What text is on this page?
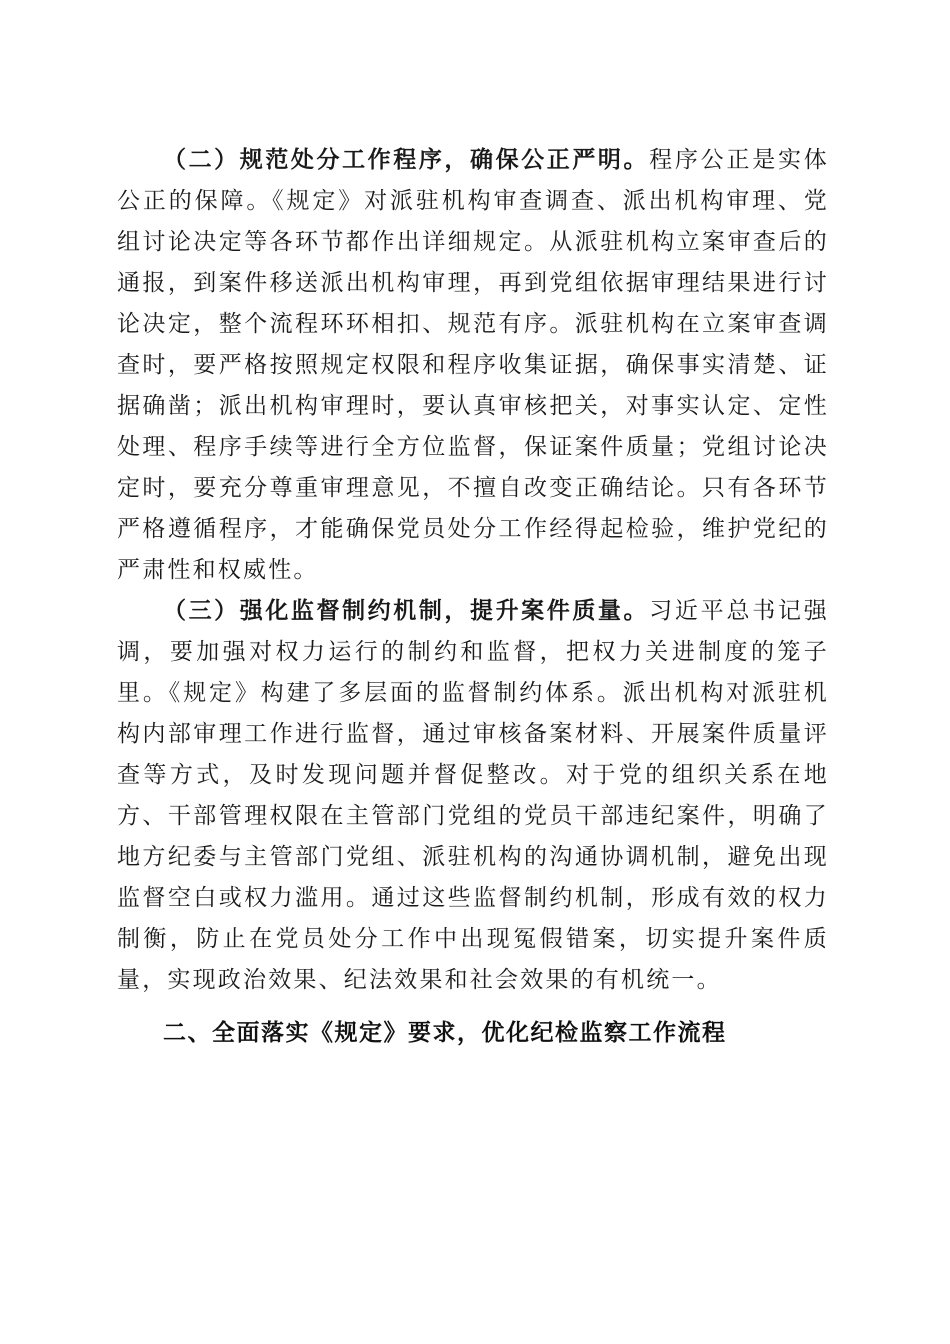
（二）规范处分工作程序，确保公正严明。程序公正是实体公正的保障。《规定》对派驻机构审查调查、派出机构审理、党组讨论决定等各环节都作出详细规定。从派驻机构立案审查后的通报，到案件移送派出机构审理，再到党组依据审理结果进行讨论决定，整个流程环环相扣、规范有序。派驻机构在立案审查调查时，要严格按照规定权限和程序收集证据，确保事实清楚、证据确凿；派出机构审理时，要认真审核把关，对事实认定、定性处理、程序手续等进行全方位监督，保证案件质量；党组讨论决定时，要充分尊重审理意见，不擅自改变正确结论。只有各环节严格遵循程序，才能确保党员处分工作经得起检验，维护党纪的严肃性和权威性。

（三）强化监督制约机制，提升案件质量。习近平总书记强调，要加强对权力运行的制约和监督，把权力关进制度的笼子里。《规定》构建了多层面的监督制约体系。派出机构对派驻机构内部审理工作进行监督，通过审核备案材料、开展案件质量评查等方式，及时发现问题并督促整改。对于党的组织关系在地方、干部管理权限在主管部门党组的党员干部违纪案件，明确了地方纪委与主管部门党组、派驻机构的沟通协调机制，避免出现监督空白或权力滥用。通过这些监督制约机制，形成有效的权力制衡，防止在党员处分工作中出现冤假错案，切实提升案件质量，实现政治效果、纪法效果和社会效果的有机统一。

二、全面落实《规定》要求，优化纪检监察工作流程
